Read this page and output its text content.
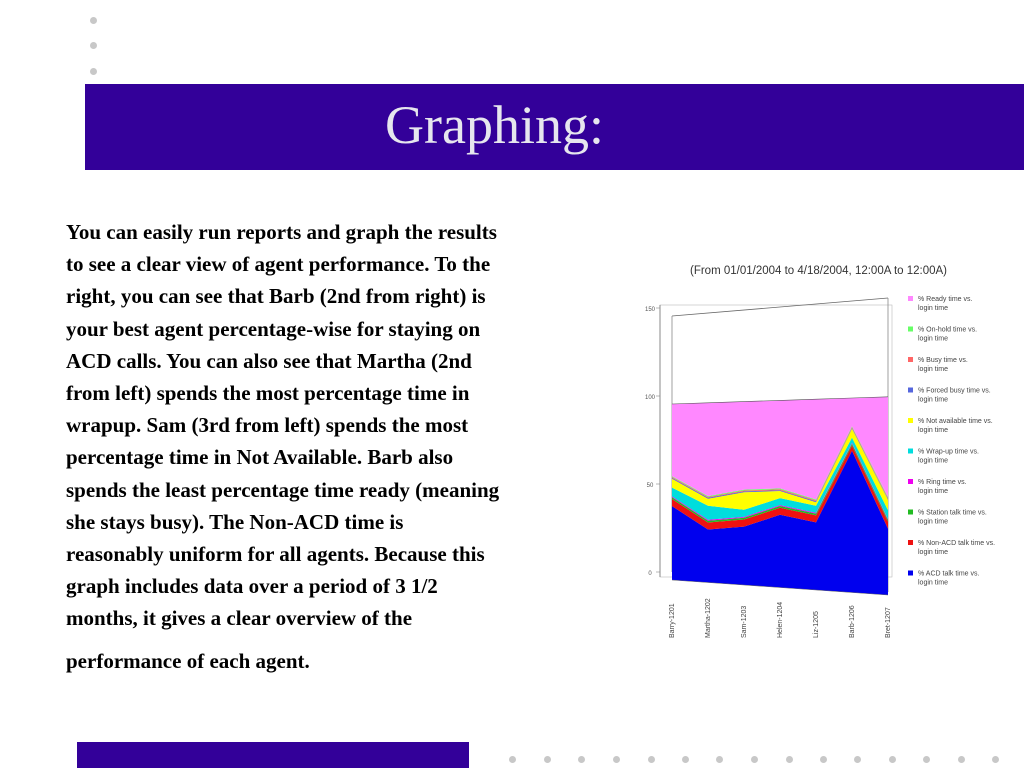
Graphing:

You can easily run reports and graph the results
to see a clear view of agent performance. To the
right, you can see that Barb (2nd from right) is
your best agent percentage-wise for staying on
ACD calls. You can also see that Martha (2nd
from left) spends the most percentage time in
wrapup. Sam (3rd from left) spends the most
percentage time in Not Available. Barb also
spends the least percentage time ready (meaning
she stays busy). The Non-ACD time is
reasonably uniform for all agents. Because this
graph includes data over a period of 3 1/2
months, it gives a clear overview of the
performance of each agent.

(From 01/01/2004 to 4/18/2004, 12:00A to 12:00A)
0
50
100
150
Barry-1201	Martha-1202	Sam-1203	Helen-1204	Liz-1205	Barb-1206	Bret-1207
% Ready time vs. login time
% On-hold time vs. login time
% Busy time vs. login time
% Forced busy time vs. login time
% Not available time vs. login time
% Wrap-up time vs. login time
% Ring time vs. login time
% Station talk time vs. login time
% Non-ACD talk time vs. login time
% ACD talk time vs. login time
